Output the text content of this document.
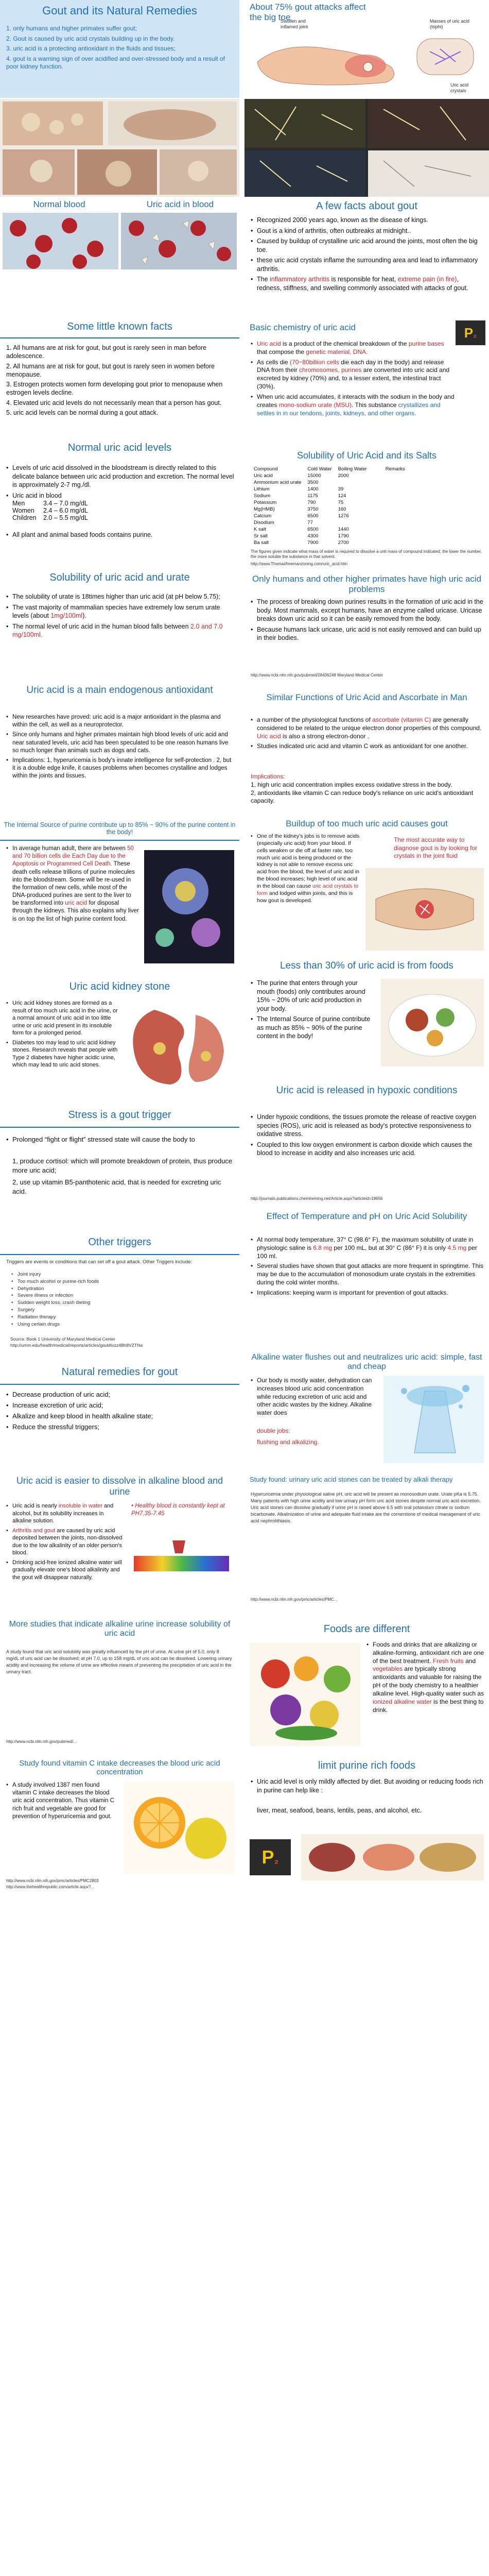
Gout and its Natural Remedies
1. only humans and higher primates suffer gout;
2. Gout is caused by uric acid crystals building up in the body.
3. uric acid is a protecting antioxidant in the fluids and tissues;
4. gout is a warning sign of over acidified and over-stressed body and a result of poor kidney function.
About 75% gout attacks affect the big toe
Swollen and inflamed joint
Masses of uric acid (tophi)
Uric acid crystals
Normal blood	Uric acid in blood	A few facts about gout
• Recognized 2000 years ago, known as the disease of kings.
• Gout is a kind of arthritis, often outbreaks at midnight..
• Caused by buildup of crystalline uric acid around the joints, most often the big toe.
• these uric acid crystals inflame the surrounding area and lead to inflammatory arthritis.
• The inflammatory arthritis is responsible for heat, extreme pain (in fire), redness, stiffness, and swelling commonly associated with attacks of gout.
Some little known facts
1. All humans are at risk for gout, but gout is rarely seen in man before adolescence.
2. All humans are at risk for gout, but gout is rarely seen in women before menopause.
3. Estrogen protects women form developing gout prior to menopause when estrogen levels decline.
4. Elevated uric acid levels do not necessarily mean that a person has gout.
5. uric acid levels can be normal during a gout attack.
Basic chemistry of uric acid	P₂
• Uric acid is a product of the chemical breakdown of the purine bases that compose the genetic material, DNA.
• As cells die (70~80billion cells die each day in the body) and release DNA from their chromosomes, purines are converted into uric acid and excreted by kidney (70%) and, to a lesser extent, the intestinal tract (30%).
• When uric acid accumulates, it interacts with the sodium in the body and creates mono-sodium urate (MSU). This substance crystallizes and settles in in our tendons, joints, kidneys, and other organs.
Normal uric acid levels
• Levels of uric acid dissolved in the bloodstream is directly related to this delicate balance between uric acid production and excretion. The normal level is approximately 2-7 mg./dl.
• Uric acid in blood
Men	3.4 – 7.0 mg/dL
Women	2.4 – 6.0 mg/dL
Children	2.0 – 5.5 mg/dL
• All plant and animal based foods contains purine.
Solubility of Uric Acid and its Salts
Compound	Cold Water	Boiling Water	Remarks
Uric acid	15000	2000	
Ammonium acid urate	3500		
Lithium	1400	39	
Sodium	1175	124	
Potassium	790	75	
Mg(HMB)	3750	160	
Calcium	6500	1276	
Disodium	77		
K salt	6500	1440	
Sr salt	4300	1790	
Ba salt	7900	2700	
The figures given indicate what mass of water is required to dissolve a unit mass of compound indicated; the lower the number, the more soluble the substance in that solvent.
http://www.Thomasfreemanzoning.com/uric_acid.htm
Solubility of uric acid and urate
• The solubility of urate is 18times higher than uric acid (at pH below 5.75);
• The vast majority of mammalian species have extremely low serum urate levels (about 1mg/100ml).
• The normal level of uric acid in the human blood falls between 2.0 and 7.0 mg/100ml.
Only humans and other higher primates have high uric acid problems
• The process of breaking down purines results in the formation of uric acid in the body. Most mammals, except humans, have an enzyme called uricase. Uricase breaks down uric acid so it can be easily removed from the body.
• Because humans lack uricase, uric acid is not easily removed and can build up in their bodies.
http://www.ncbi.nlm.nih.gov/pubmed/28436248 Maryland Medical Center
Uric acid is a main endogenous antioxidant
• New researches have proved: uric acid is a major antioxidant in the plasma and within the cell, as well as a neuroprotector.
• Since only humans and higher primates maintain high blood levels of uric acid and near saturated levels, uric acid has been speculated to be one reason humans live so much longer than animals such as dogs and cats.
• Implications: 1, hyperuricemia is body's innate intelligence for self-protection . 2, but it is a double edge knife, it causes problems when becomes crystalline and lodges within the joints and tissues.
Similar Functions of Uric Acid and Ascorbate in Man
• a number of the physiological functions of ascorbate (vitamin C) are generally considered to be related to the unique electron donor properties of this compound. Uric acid is also a strong electron-donor .
• Studies indicated uric acid and vitamin C work as antioxidant for one another.
Implications:
1, high uric acid concentration implies excess oxidative stress in the body.
2, antioxidants like vitamin C can reduce body's reliance on uric acid's antioxidant capacity.
The Internal Source of purine contribute up to 85% ~ 90% of the purine content in the body!
• In average human adult, there are between 50 and 70 billion cells die Each Day due to the Apoptosis or Programmed Cell Death. These death cells release trillions of purine molecules into the bloodstream. Some will be re-used in the formation of new cells, while most of the DNA-produced purines are sent to the liver to be transformed into uric acid for disposal through the kidneys. This also explains why liver is on top the list of high purine content food.
Buildup of too much uric acid causes gout
• One of the kidney's jobs is to remove acids (especially uric acid) from your blood. If cells weaken or die off at faster rate, too much uric acid is being produced or the kidney is not able to remove excess uric acid from the blood, the level of uric acid in the blood increases; high level of uric acid in the blood can cause uric acid crystals to form and lodged within joints, and this is how gout is developed.
The most accurate way to diagnose gout is by looking for crystals in the joint fluid
Uric acid kidney stone
• Uric acid kidney stones are formed as a result of too much uric acid in the urine, or a normal amount of uric acid in too little urine or uric acid present in its insoluble form for a prolonged period.
• Diabetes too may lead to uric acid kidney stones. Research reveals that people with Type 2 diabetes have higher acidic urine, which may lead to uric acid stones.
Less than 30% of uric acid is from foods
• The purine that enters through your mouth (foods) only contributes around 15% ~ 20% of uric acid production in your body.
• The Internal Source of purine contribute as much as 85% ~ 90% of the purine content in the body!
Stress is a gout trigger
• Prolonged “fight or flight” stressed state will cause the body to
1, produce cortisol: which will promote breakdown of protein, thus produce more uric acid;
2, use up vitamin B5-panthotenic acid, that is needed for excreting uric acid.
Uric acid is released in hypoxic conditions
• Under hypoxic conditions, the tissues promote the release of reactive oxygen species (ROS), uric acid is released as body's protective responsiveness to oxidative stress.
• Coupled to this low oxygen environment is carbon dioxide which causes the blood to increase in acidity and also increases uric acid.
http://journals.publications.chemheming.net/Article.aspx?articleid=18656
Other triggers
Triggers are events or conditions that can set off a gout attack. Other Triggers include:
• Joint injury
• Too much alcohol or purine-rich foods
• Dehydration
• Severe illness or infection
• Sudden weight loss, crash dieting
• Surgery
• Radiation therapy
• Using certain drugs
Source: Book 1 University of Maryland Medical Center
http://umm.edu/health/medical/reports/articles/gout#ixzz4Bh8VZTNa
Effect of Temperature and pH on Uric Acid Solubility
• At normal body temperature, 37° C (98.6° F), the maximum solubility of urate in physiologic saline is 6.8 mg per 100 mL, but at 30° C (86° F) it is only 4.5 mg per 100 ml.
• Several studies have shown that gout attacks are more frequent in springtime. This may be due to the accumulation of monosodium urate crystals in the extremities during the cold winter months.
• Implications: keeping warm is important for prevention of gout attacks.
Natural remedies for gout
• Decrease production of uric acid;
• Increase excretion of uric acid;
• Alkalize and keep blood in health alkaline state;
• Reduce the stressful triggers;
Alkaline water flushes out and neutralizes uric acid: simple, fast and cheap
• Our body is mostly water, dehydration can increases blood uric acid concentration while reducing excretion of uric acid and other acidic wastes by the kidney. Alkaline water does
double jobs:
flushing and alkalizing.
Uric acid is easier to dissolve in alkaline blood and urine
• Uric acid is nearly insoluble in water and alcohol, but its solubility increases in alkaline solution.
• Arthritis and gout are caused by uric acid deposited between the joints, non-dissolved due to the low alkalinity of an older person's blood.
• Drinking acid-free ionized alkaline water will gradually elevate one's blood alkalinity and the gout will disappear naturally.
• Healthy blood is constantly kept at PH7.35-7.45
Study found: urinary uric acid stones can be treated by alkali therapy
Hyperuricemia under physiological saline pH, uric acid will be present as monosodium urate. Urate pKa is 5.75. Many patients with high urine acidity and low urinary pH form uric acid stones despite normal uric acid excretion. Uric acid stones can dissolve gradually if urine pH is raised above 6.5 with oral potassium citrate or sodium bicarbonate. Alkalinization of urine and adequate fluid intake are the cornerstone of medical management of uric acid nephrolithiasis.
http://www.ncbi.nlm.nih.gov/pmc/articles/PMC...
More studies that indicate alkaline urine increase solubility of uric acid
A study found that uric acid solubility was greatly influenced by the pH of urine. At urine pH of 5.0, only 8 mg/dL of uric acid can be dissolved; at pH 7.0, up to 158 mg/dL of uric acid can be dissolved. Lowering urinary acidity and increasing the volume of urine are effective means of preventing the precipitation of uric acid in the urinary tract.
http://www.ncbi.nlm.nih.gov/pubmed/...
Foods are different
• Foods and drinks that are alkalizing or alkaline-forming, antioxidant rich are one of the best treatment. Fresh fruits and vegetables are typically strong antioxidants and valuable for raising the pH of the body chemistry to a healthier alkaline level. High-quality water such as ionized alkaline water is the best thing to drink.
Study found vitamin C intake decreases the blood uric acid concentration
• A study involved 1387 men found vitamin C intake decreases the blood uric acid concentration. Thus vitamin C rich fruit and vegetable are good for prevention of hyperuricemia and gout.
http://www.ncbi.nlm.nih.gov/pmc/articles/PMC2803
http://www.thehealthrepublic.com/article.aspx?...
limit purine rich foods
• Uric acid level is only mildly affected by diet. But avoiding or reducing foods rich in purine can help like :
liver, meat, seafood, beans, lentils, peas, and alcohol, etc.
P₂
